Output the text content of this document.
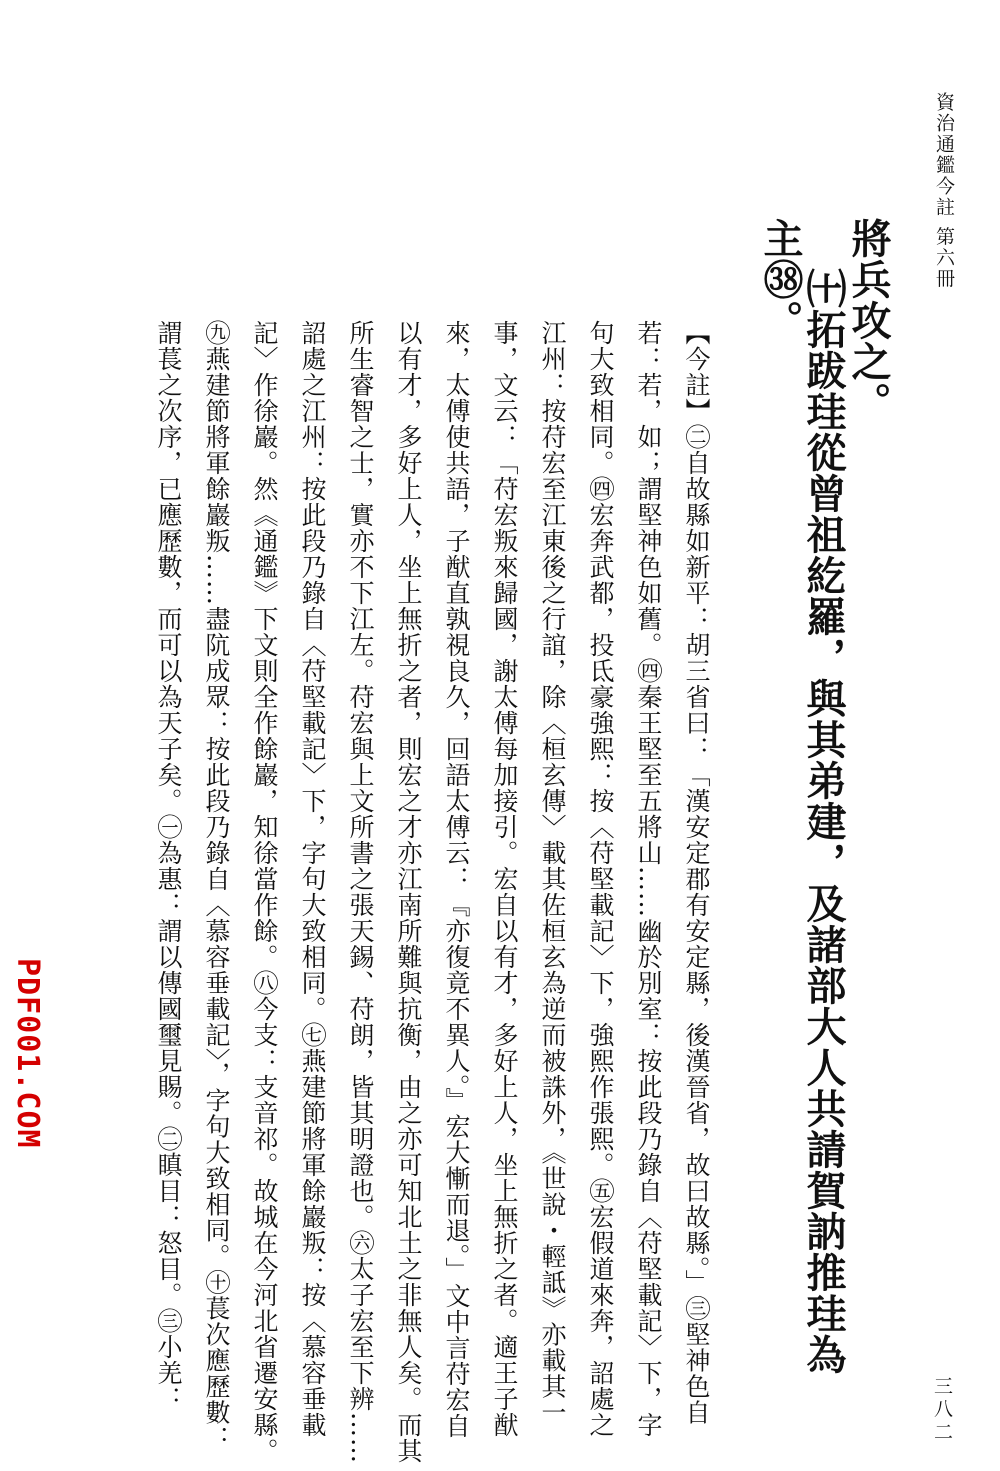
資治通鑑今註 第六冊
將兵攻之。
㈩拓跋珪從曾祖紇羅，與其弟建，及諸部大人共請賀訥推珪為
主㊳。
【今註】㊁自故縣如新平：胡三省曰：「漢安定郡有安定縣，後漢晉省，故曰故縣。」㊂堅神色自
若：若，如；謂堅神色如舊。㊃秦王堅至五將山……幽於別室：按此段乃錄自〈苻堅載記〉下，字
句大致相同。㊃宏奔武都，投氐豪強熙：按〈苻堅載記〉下，強熙作張熙。㊄宏假道來奔，詔處之
江州：按苻宏至江東後之行誼，除〈桓玄傳〉載其佐桓玄為逆而被誅外，《世說・輕詆》亦載其一
事，文云：「苻宏叛來歸國，謝太傅每加接引。宏自以有才，多好上人，坐上無折之者。適王子猷
來，太傅使共語，子猷直孰視良久，回語太傅云：『亦復竟不異人。』宏大慚而退。」文中言苻宏自
以有才，多好上人，坐上無折之者，則宏之才亦江南所難與抗衡，由之亦可知北土之非無人矣。而其
所生睿智之士，實亦不下江左。苻宏與上文所書之張天錫、苻朗，皆其明證也。㊅太子宏至下辨……
詔處之江州：按此段乃錄自〈苻堅載記〉下，字句大致相同。㊆燕建節將軍餘巖叛：按〈慕容垂載
記〉作徐巖。然《通鑑》下文則全作餘巖，知徐當作餘。㊇今支：支音祁。故城在今河北省遷安縣。
㊈燕建節將軍餘巖叛……盡阬成眾：按此段乃錄自〈慕容垂載記〉，字句大致相同。㊉萇次應歷數：
謂萇之次序，已應歷數，而可以為天子矣。㊀為惠：謂以傳國璽見賜。㊁瞋目：怒目。㊂小羌：
PDF001.COM
三八二
